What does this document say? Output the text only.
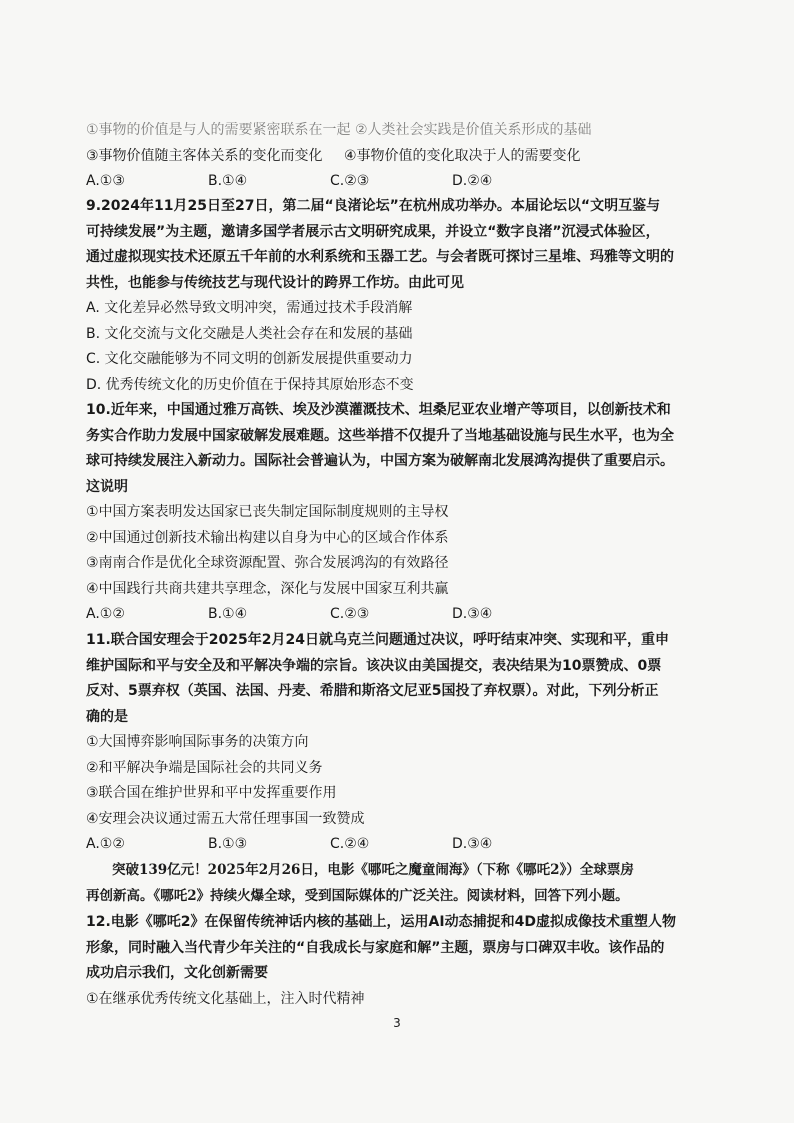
①事物的价值是与人的需要紧密联系在一起 ②人类社会实践是价值关系形成的基础
③事物价值随主客体关系的变化而变化 ④事物价值的变化取决于人的需要变化
A.①③	B.①④	C.②③	D.②④
9.2024年11月25日至27日，第二届“良渚论坛”在杭州成功举办。本届论坛以“文明互鉴与
可持续发展”为主题，邀请多国学者展示古文明研究成果，并设立“数字良渚”沉浸式体验区，
通过虚拟现实技术还原五千年前的水利系统和玉器工艺。与会者既可探讨三星堆、玛雅等文明的
共性，也能参与传统技艺与现代设计的跨界工作坊。由此可见
A. 文化差异必然导致文明冲突，需通过技术手段消解
B. 文化交流与文化交融是人类社会存在和发展的基础
C. 文化交融能够为不同文明的创新发展提供重要动力
D. 优秀传统文化的历史价值在于保持其原始形态不变
10.近年来，中国通过雅万高铁、埃及沙漠灌溉技术、坦桑尼亚农业增产等项目，以创新技术和
务实合作助力发展中国家破解发展难题。这些举措不仅提升了当地基础设施与民生水平，也为全
球可持续发展注入新动力。国际社会普遍认为，中国方案为破解南北发展鸿沟提供了重要启示。
这说明
①中国方案表明发达国家已丧失制定国际制度规则的主导权
②中国通过创新技术输出构建以自身为中心的区域合作体系
③南南合作是优化全球资源配置、弥合发展鸿沟的有效路径
④中国践行共商共建共享理念，深化与发展中国家互利共赢
A.①②	B.①④	C.②③	D.③④
11.联合国安理会于2025年2月24日就乌克兰问题通过决议，呼吁结束冲突、实现和平，重申
维护国际和平与安全及和平解决争端的宗旨。该决议由美国提交，表决结果为10票赞成、0票
反对、5票弃权（英国、法国、丹麦、希腊和斯洛文尼亚5国投了弃权票）。对此，下列分析正
确的是
①大国博弈影响国际事务的决策方向
②和平解决争端是国际社会的共同义务
③联合国在维护世界和平中发挥重要作用
④安理会决议通过需五大常任理事国一致赞成
A.①②	B.①③	C.②④	D.③④
突破139亿元！2025年2月26日，电影《哪吒之魔童闹海》（下称《哪吒2》）全球票房
再创新高。《哪吒2》持续火爆全球，受到国际媒体的广泛关注。阅读材料，回答下列小题。
12.电影《哪吒2》在保留传统神话内核的基础上，运用AI动态捕捉和4D虚拟成像技术重塑人物
形象，同时融入当代青少年关注的“自我成长与家庭和解”主题，票房与口碑双丰收。该作品的
成功启示我们，文化创新需要
①在继承优秀传统文化基础上，注入时代精神
3
